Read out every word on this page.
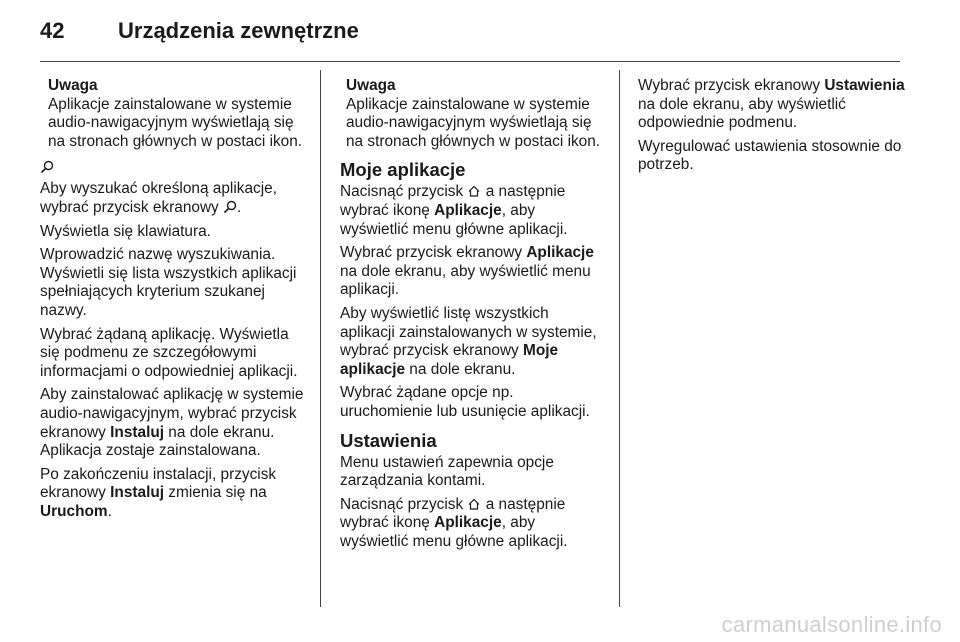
42	Urządzenia zewnętrzne
Uwaga
Aplikacje zainstalowane w systemie audio-nawigacyjnym wyświetlają się na stronach głównych w postaci ikon.

Aby wyszukać określoną aplikacje, wybrać przycisk ekranowy .

Wyświetla się klawiatura.

Wprowadzić nazwę wyszukiwania. Wyświetli się lista wszystkich aplikacji spełniających kryterium szukanej nazwy.

Wybrać żądaną aplikację. Wyświetla się podmenu ze szczegółowymi informacjami o odpowiedniej aplikacji.

Aby zainstalować aplikację w systemie audio-nawigacyjnym, wybrać przycisk ekranowy Instaluj na dole ekranu. Aplikacja zostaje zainstalowana.

Po zakończeniu instalacji, przycisk ekranowy Instaluj zmienia się na Uruchom.

Uwaga
Aplikacje zainstalowane w systemie audio-nawigacyjnym wyświetlają się na stronach głównych w postaci ikon.
Moje aplikacje

Nacisnąć przycisk  a następnie wybrać ikonę Aplikacje, aby wyświetlić menu główne aplikacji.

Wybrać przycisk ekranowy Aplikacje na dole ekranu, aby wyświetlić menu aplikacji.

Aby wyświetlić listę wszystkich aplikacji zainstalowanych w systemie, wybrać przycisk ekranowy Moje aplikacje na dole ekranu.

Wybrać żądane opcje np. uruchomienie lub usunięcie aplikacji.

Ustawienia

Menu ustawień zapewnia opcje zarządzania kontami.

Nacisnąć przycisk  a następnie wybrać ikonę Aplikacje, aby wyświetlić menu główne aplikacji.

Wybrać przycisk ekranowy Ustawienia na dole ekranu, aby wyświetlić odpowiednie podmenu.

Wyregulować ustawienia stosownie do potrzeb.

carmanualsonline.info
